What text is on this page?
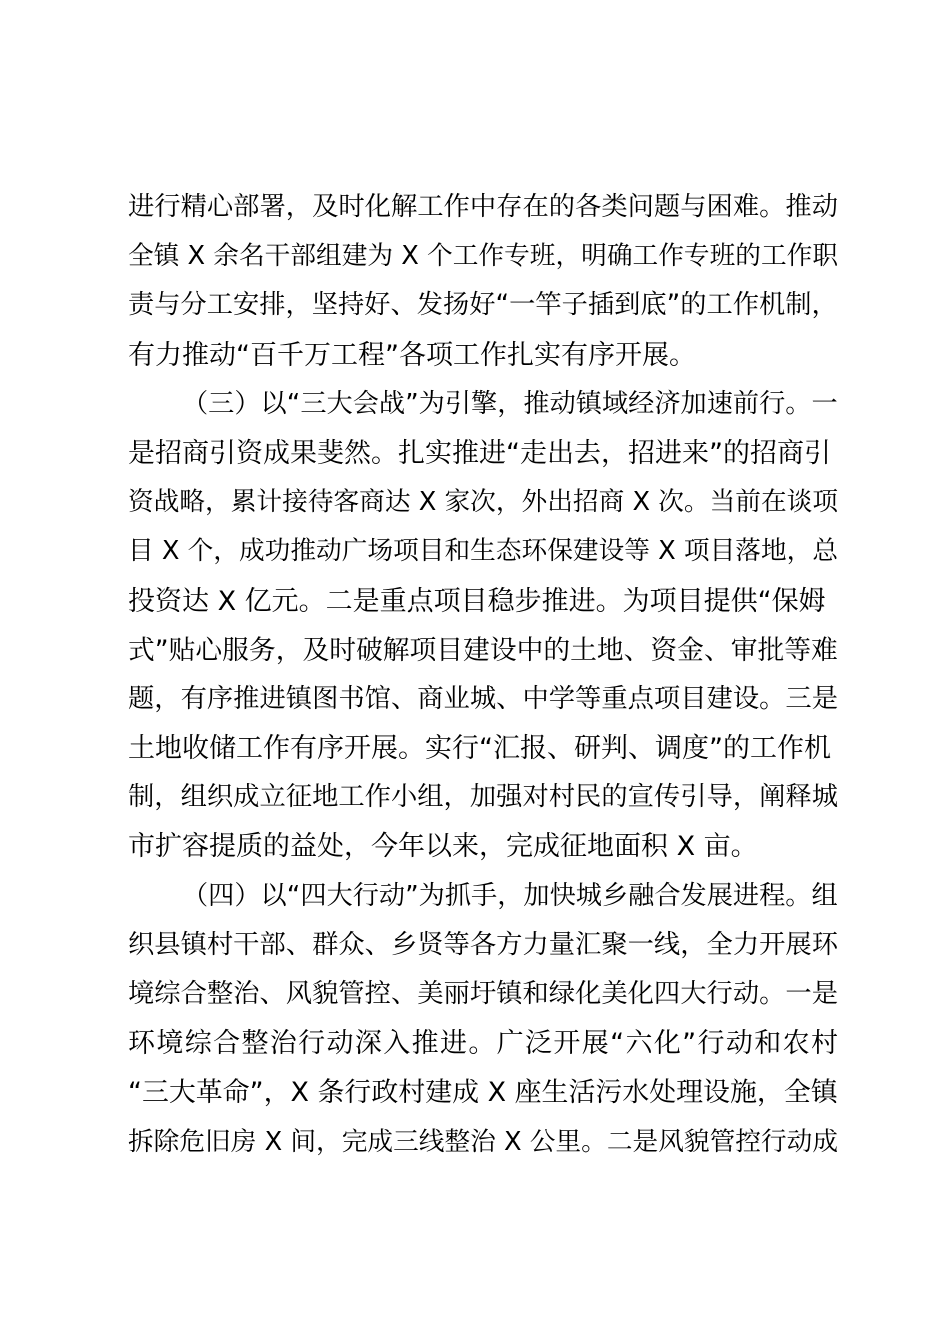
进行精心部署，及时化解工作中存在的各类问题与困难。推动
全镇 X 余名干部组建为 X 个工作专班，明确工作专班的工作职
责与分工安排，坚持好、发扬好“一竿子插到底”的工作机制，
有力推动“百千万工程”各项工作扎实有序开展。
（三）以“三大会战”为引擎，推动镇域经济加速前行。一
是招商引资成果斐然。扎实推进“走出去，招进来”的招商引
资战略，累计接待客商达 X 家次，外出招商 X 次。当前在谈项
目 X 个，成功推动广场项目和生态环保建设等 X 项目落地，总
投资达 X 亿元。二是重点项目稳步推进。为项目提供“保姆
式”贴心服务，及时破解项目建设中的土地、资金、审批等难
题，有序推进镇图书馆、商业城、中学等重点项目建设。三是
土地收储工作有序开展。实行“汇报、研判、调度”的工作机
制，组织成立征地工作小组，加强对村民的宣传引导，阐释城
市扩容提质的益处，今年以来，完成征地面积 X 亩。
（四）以“四大行动”为抓手，加快城乡融合发展进程。组
织县镇村干部、群众、乡贤等各方力量汇聚一线，全力开展环
境综合整治、风貌管控、美丽圩镇和绿化美化四大行动。一是
环境综合整治行动深入推进。广泛开展“六化”行动和农村
“三大革命”，X 条行政村建成 X 座生活污水处理设施，全镇
拆除危旧房 X 间，完成三线整治 X 公里。二是风貌管控行动成
